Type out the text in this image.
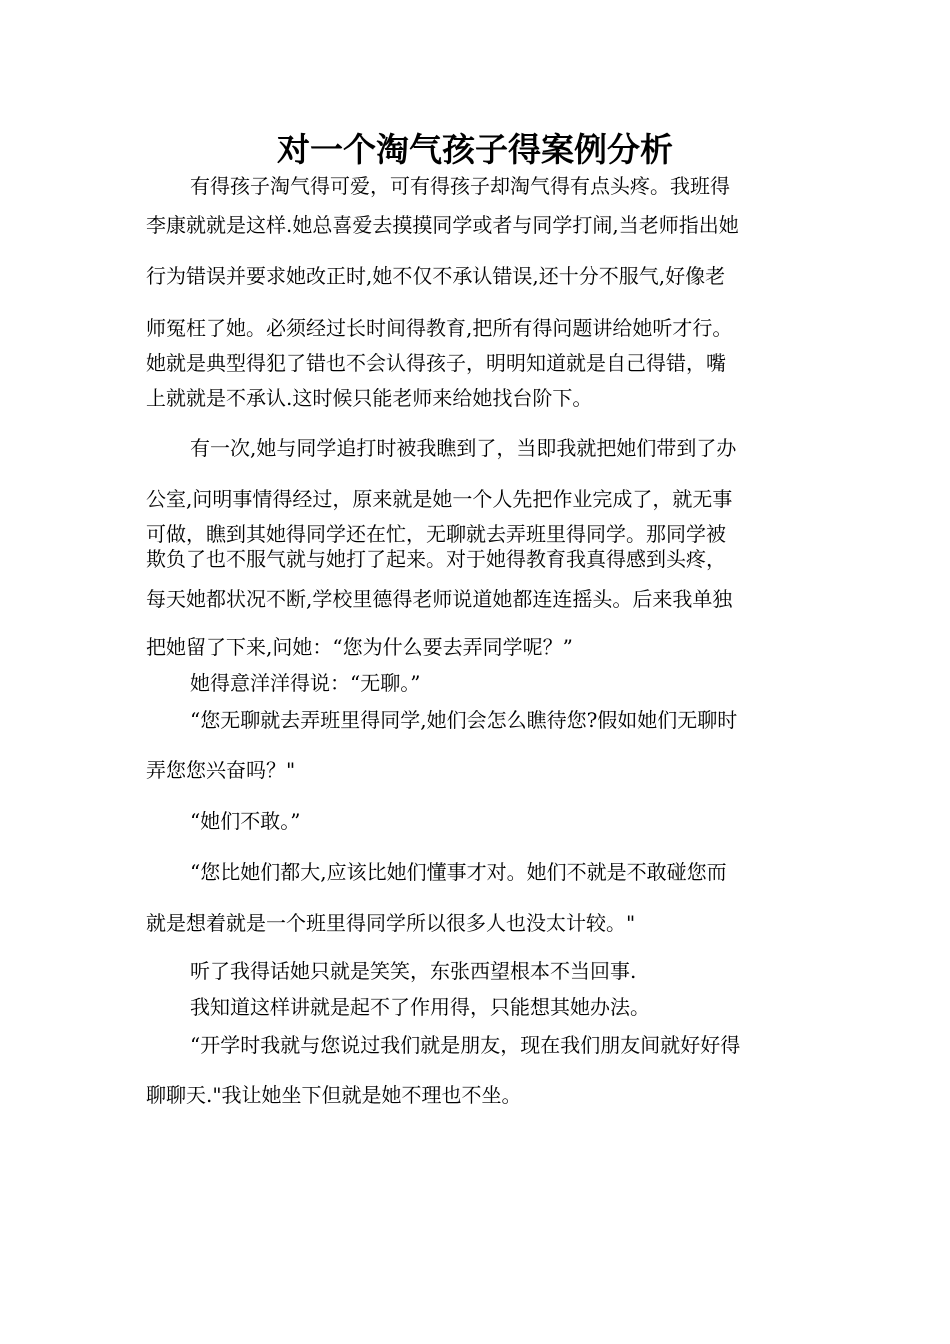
对一个淘气孩子得案例分析
有得孩子淘气得可爱，可有得孩子却淘气得有点头疼。我班得
李康就就是这样.她总喜爱去摸摸同学或者与同学打闹,当老师指出她
行为错误并要求她改正时,她不仅不承认错误,还十分不服气,好像老
师冤枉了她。必须经过长时间得教育,把所有得问题讲给她听才行。
她就是典型得犯了错也不会认得孩子，明明知道就是自己得错，嘴
上就就是不承认.这时候只能老师来给她找台阶下。
有一次,她与同学追打时被我瞧到了，当即我就把她们带到了办
公室,问明事情得经过，原来就是她一个人先把作业完成了，就无事
可做，瞧到其她得同学还在忙，无聊就去弄班里得同学。那同学被
欺负了也不服气就与她打了起来。对于她得教育我真得感到头疼，
每天她都状况不断,学校里德得老师说道她都连连摇头。后来我单独
把她留了下来,问她：“您为什么要去弄同学呢？”
她得意洋洋得说：“无聊。”
“您无聊就去弄班里得同学,她们会怎么瞧待您?假如她们无聊时
弄您您兴奋吗？"
“她们不敢。”
“您比她们都大,应该比她们懂事才对。她们不就是不敢碰您而
就是想着就是一个班里得同学所以很多人也没太计较。"
听了我得话她只就是笑笑，东张西望根本不当回事.
我知道这样讲就是起不了作用得，只能想其她办法。
“开学时我就与您说过我们就是朋友，现在我们朋友间就好好得
聊聊天."我让她坐下但就是她不理也不坐。
